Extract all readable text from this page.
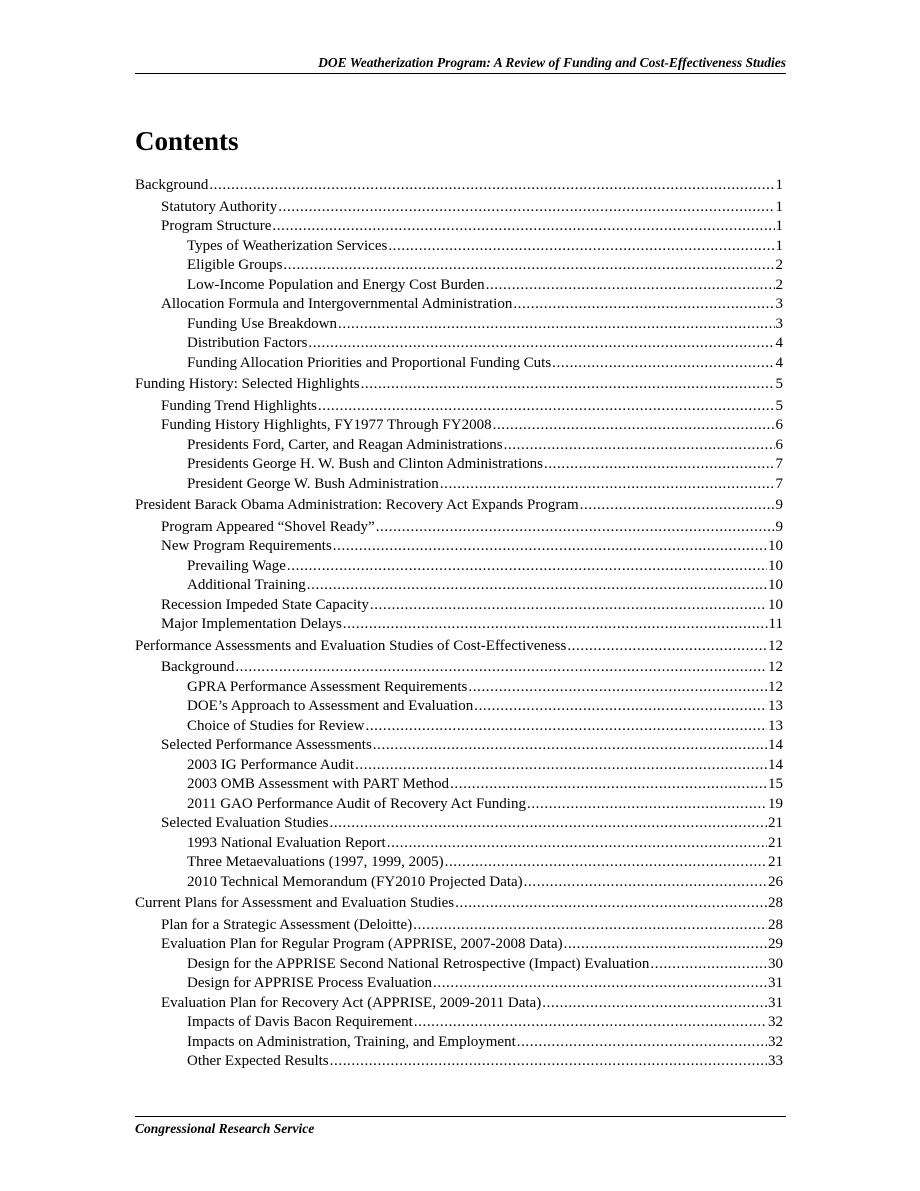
DOE Weatherization Program: A Review of Funding and Cost-Effectiveness Studies
Contents
Background .....	1
Statutory Authority .....	1
Program Structure .....	1
Types of Weatherization Services .....	1
Eligible Groups .....	2
Low-Income Population and Energy Cost Burden .....	2
Allocation Formula and Intergovernmental Administration .....	3
Funding Use Breakdown .....	3
Distribution Factors .....	4
Funding Allocation Priorities and Proportional Funding Cuts .....	4
Funding History: Selected Highlights .....	5
Funding Trend Highlights .....	5
Funding History Highlights, FY1977 Through FY2008 .....	6
Presidents Ford, Carter, and Reagan Administrations .....	6
Presidents George H. W. Bush and Clinton Administrations .....	7
President George W. Bush Administration .....	7
President Barack Obama Administration: Recovery Act Expands Program .....	9
Program Appeared “Shovel Ready” .....	9
New Program Requirements .....	10
Prevailing Wage .....	10
Additional Training .....	10
Recession Impeded State Capacity .....	10
Major Implementation Delays .....	11
Performance Assessments and Evaluation Studies of Cost-Effectiveness .....	12
Background .....	12
GPRA Performance Assessment Requirements .....	12
DOE’s Approach to Assessment and Evaluation .....	13
Choice of Studies for Review .....	13
Selected Performance Assessments .....	14
2003 IG Performance Audit .....	14
2003 OMB Assessment with PART Method .....	15
2011 GAO Performance Audit of Recovery Act Funding .....	19
Selected Evaluation Studies .....	21
1993 National Evaluation Report .....	21
Three Metaevaluations (1997, 1999, 2005) .....	21
2010 Technical Memorandum (FY2010 Projected Data) .....	26
Current Plans for Assessment and Evaluation Studies .....	28
Plan for a Strategic Assessment (Deloitte) .....	28
Evaluation Plan for Regular Program (APPRISE, 2007-2008 Data) .....	29
Design for the APPRISE Second National Retrospective (Impact) Evaluation .....	30
Design for APPRISE Process Evaluation .....	31
Evaluation Plan for Recovery Act (APPRISE, 2009-2011 Data) .....	31
Impacts of Davis Bacon Requirement .....	32
Impacts on Administration, Training, and Employment .....	32
Other Expected Results .....	33
Congressional Research Service
